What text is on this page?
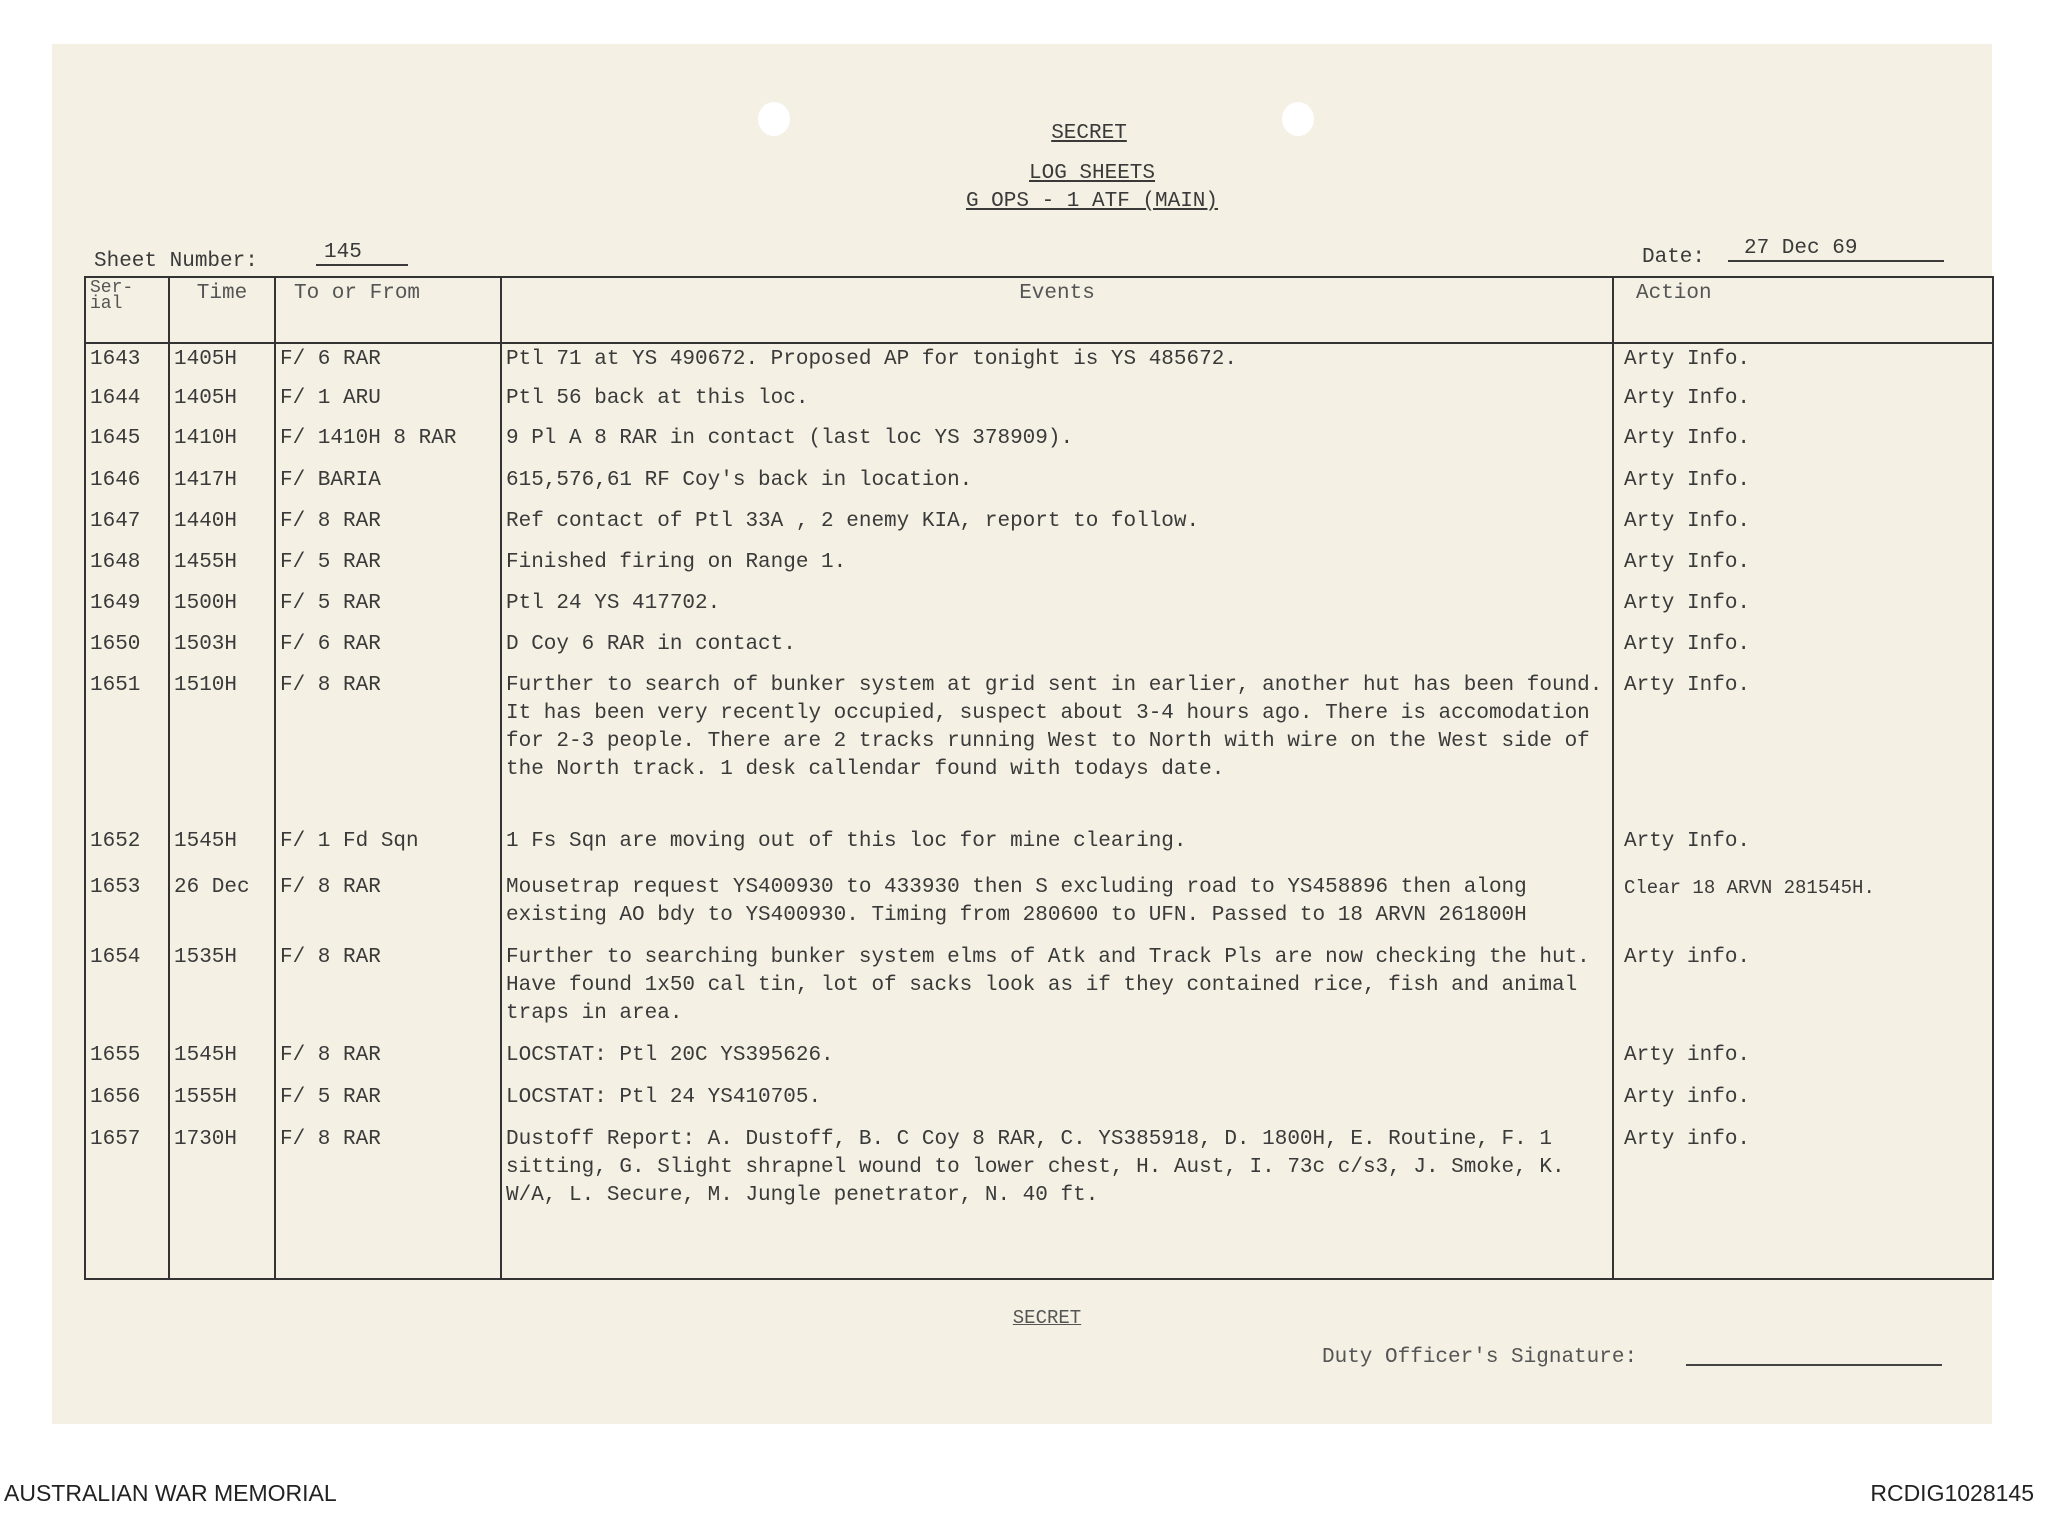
SECRET
LOG SHEETS
G OPS - 1 ATF (MAIN)
Sheet Number:	145	Date:	27 Dec 69
Ser- ial	Time	To or From	Events	Action
1643	1405H	F/ 6 RAR	Ptl 71 at YS 490672. Proposed AP for tonight is YS 485672.	Arty Info.
1644	1405H	F/ 1 ARU	Ptl 56 back at this loc.	Arty Info.
1645	1410H	F/ 1410H 8 RAR	9 Pl A 8 RAR in contact (last loc YS 378909).	Arty Info.
1646	1417H	F/ BARIA	615,576,61 RF Coy's back in location.	Arty Info.
1647	1440H	F/ 8 RAR	Ref contact of Ptl 33A , 2 enemy KIA, report to follow.	Arty Info.
1648	1455H	F/ 5 RAR	Finished firing on Range 1.	Arty Info.
1649	1500H	F/ 5 RAR	Ptl 24 YS 417702.	Arty Info.
1650	1503H	F/ 6 RAR	D Coy 6 RAR in contact.	Arty Info.
1651	1510H	F/ 8 RAR	Further to search of bunker system at grid sent in earlier, another hut has been found. It has been very recently occupied, suspect about 3-4 hours ago. There is accomodation for 2-3 people. There are 2 tracks running West to North with wire on the West side of the North track. 1 desk callendar found with todays date.	Arty Info.
1652	1545H	F/ 1 Fd Sqn	1 Fs Sqn are moving out of this loc for mine clearing.	Arty Info.
1653	26 Dec	F/ 8 RAR	Mousetrap request YS400930 to 433930 then S excluding road to YS458896 then along existing AO bdy to YS400930. Timing from 280600 to UFN. Passed to 18 ARVN 261800H	Clear 18 ARVN 281545H.
1654	1535H	F/ 8 RAR	Further to searching bunker system elms of Atk and Track Pls are now checking the hut. Have found 1x50 cal tin, lot of sacks look as if they contained rice, fish and animal traps in area.	Arty info.
1655	1545H	F/ 8 RAR	LOCSTAT: Ptl 20C YS395626.	Arty info.
1656	1555H	F/ 5 RAR	LOCSTAT: Ptl 24 YS410705.	Arty info.
1657	1730H	F/ 8 RAR	Dustoff Report: A. Dustoff, B. C Coy 8 RAR, C. YS385918, D. 1800H, E. Routine, F. 1 sitting, G. Slight shrapnel wound to lower chest, H. Aust, I. 73c c/s3, J. Smoke, K. W/A, L. Secure, M. Jungle penetrator, N. 40 ft.	Arty info.
SECRET
Duty Officer's Signature:
AUSTRALIAN WAR MEMORIAL	RCDIG1028145
